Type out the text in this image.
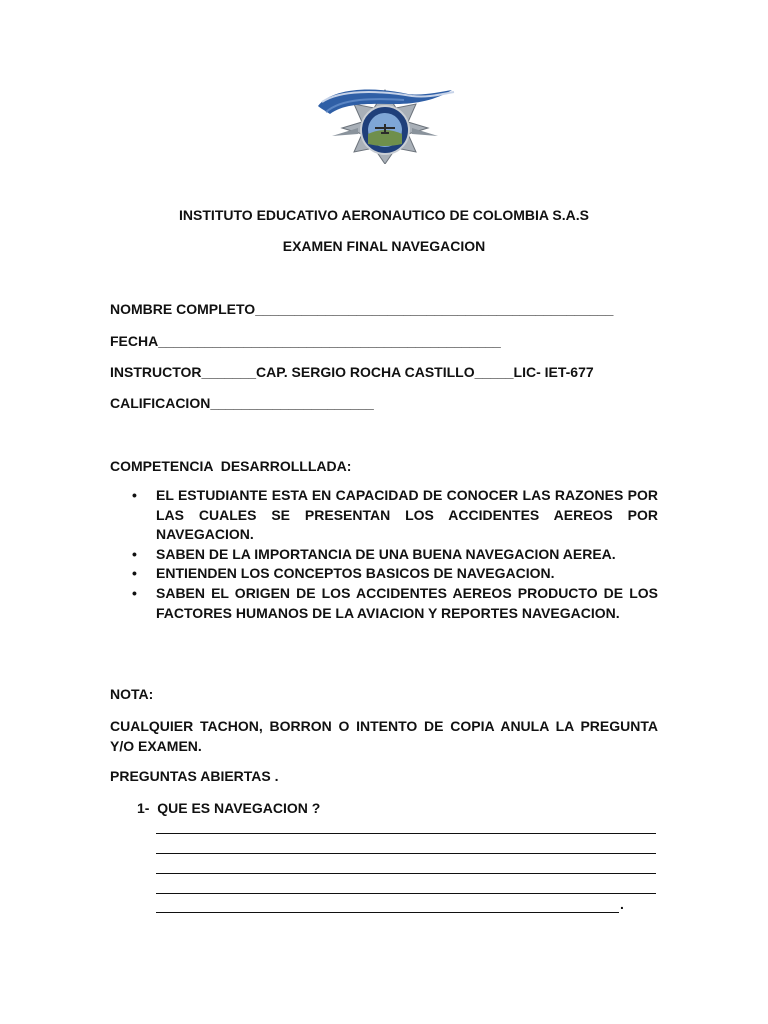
INSTITUTO EDUCATIVO AERONAUTICO DE COLOMBIA S.A.S
EXAMEN FINAL NAVEGACION
NOMBRE COMPLETO______________________________________________
FECHA____________________________________________
INSTRUCTOR_______CAP. SERGIO ROCHA CASTILLO_____LIC- IET-677
CALIFICACION_____________________
COMPETENCIA  DESARROLLLADA:
• EL ESTUDIANTE ESTA EN CAPACIDAD DE CONOCER LAS RAZONES POR LAS CUALES SE PRESENTAN LOS ACCIDENTES AEREOS POR NAVEGACION.
• SABEN DE LA IMPORTANCIA DE UNA BUENA NAVEGACION AEREA.
• ENTIENDEN LOS CONCEPTOS BASICOS DE NAVEGACION.
• SABEN EL ORIGEN DE LOS ACCIDENTES AEREOS PRODUCTO DE LOS FACTORES HUMANOS DE LA AVIACION Y REPORTES NAVEGACION.
NOTA:
CUALQUIER TACHON, BORRON O INTENTO DE COPIA ANULA LA PREGUNTA Y/O EXAMEN.
PREGUNTAS ABIERTAS .
1-  QUE ES NAVEGACION ?
.
